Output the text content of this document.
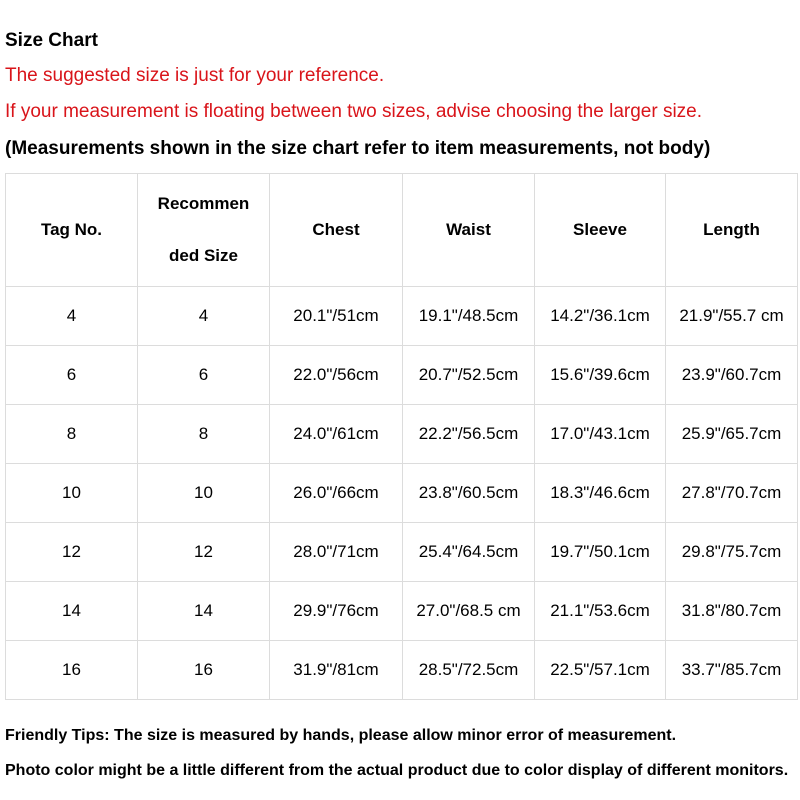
Size Chart
The suggested size is just for your reference.
If your measurement is floating between two sizes, advise choosing the larger size.
(Measurements shown in the size chart refer to item measurements, not body)
Tag No.	Recommended Size	Chest	Waist	Sleeve	Length
4	4	20.1"/51cm	19.1"/48.5cm	14.2"/36.1cm	21.9"/55.7 cm
6	6	22.0"/56cm	20.7"/52.5cm	15.6"/39.6cm	23.9"/60.7cm
8	8	24.0"/61cm	22.2"/56.5cm	17.0"/43.1cm	25.9"/65.7cm
10	10	26.0"/66cm	23.8"/60.5cm	18.3"/46.6cm	27.8"/70.7cm
12	12	28.0"/71cm	25.4"/64.5cm	19.7"/50.1cm	29.8"/75.7cm
14	14	29.9"/76cm	27.0"/68.5 cm	21.1"/53.6cm	31.8"/80.7cm
16	16	31.9"/81cm	28.5"/72.5cm	22.5"/57.1cm	33.7"/85.7cm
Friendly Tips: The size is measured by hands, please allow minor error of measurement.
Photo color might be a little different from the actual product due to color display of different monitors.
